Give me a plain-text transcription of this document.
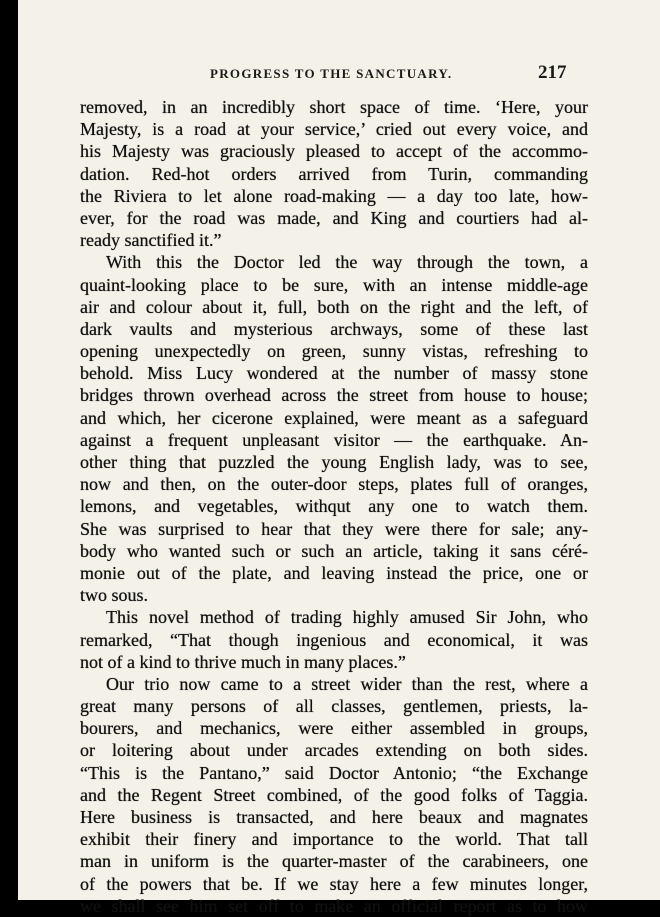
PROGRESS TO THE SANCTUARY.	217
removed, in an incredibly short space of time. ‘Here, your
Majesty, is a road at your service,’ cried out every voice, and
his Majesty was graciously pleased to accept of the accommo-
dation. Red-hot orders arrived from Turin, commanding
the Riviera to let alone road-making — a day too late, how-
ever, for the road was made, and King and courtiers had al-
ready sanctified it.”
With this the Doctor led the way through the town, a
quaint-looking place to be sure, with an intense middle-age
air and colour about it, full, both on the right and the left, of
dark vaults and mysterious archways, some of these last
opening unexpectedly on green, sunny vistas, refreshing to
behold. Miss Lucy wondered at the number of massy stone
bridges thrown overhead across the street from house to house;
and which, her cicerone explained, were meant as a safeguard
against a frequent unpleasant visitor — the earthquake. An-
other thing that puzzled the young English lady, was to see,
now and then, on the outer-door steps, plates full of oranges,
lemons, and vegetables, withqut any one to watch them.
She was surprised to hear that they were there for sale; any-
body who wanted such or such an article, taking it sans céré-
monie out of the plate, and leaving instead the price, one or
two sous.
This novel method of trading highly amused Sir John, who
remarked, “That though ingenious and economical, it was
not of a kind to thrive much in many places.”
Our trio now came to a street wider than the rest, where a
great many persons of all classes, gentlemen, priests, la-
bourers, and mechanics, were either assembled in groups,
or loitering about under arcades extending on both sides.
“This is the Pantano,” said Doctor Antonio; “the Exchange
and the Regent Street combined, of the good folks of Taggia.
Here business is transacted, and here beaux and magnates
exhibit their finery and importance to the world. That tall
man in uniform is the quarter-master of the carabineers, one
of the powers that be. If we stay here a few minutes longer,
we shall see him set off to make an official report as to how
